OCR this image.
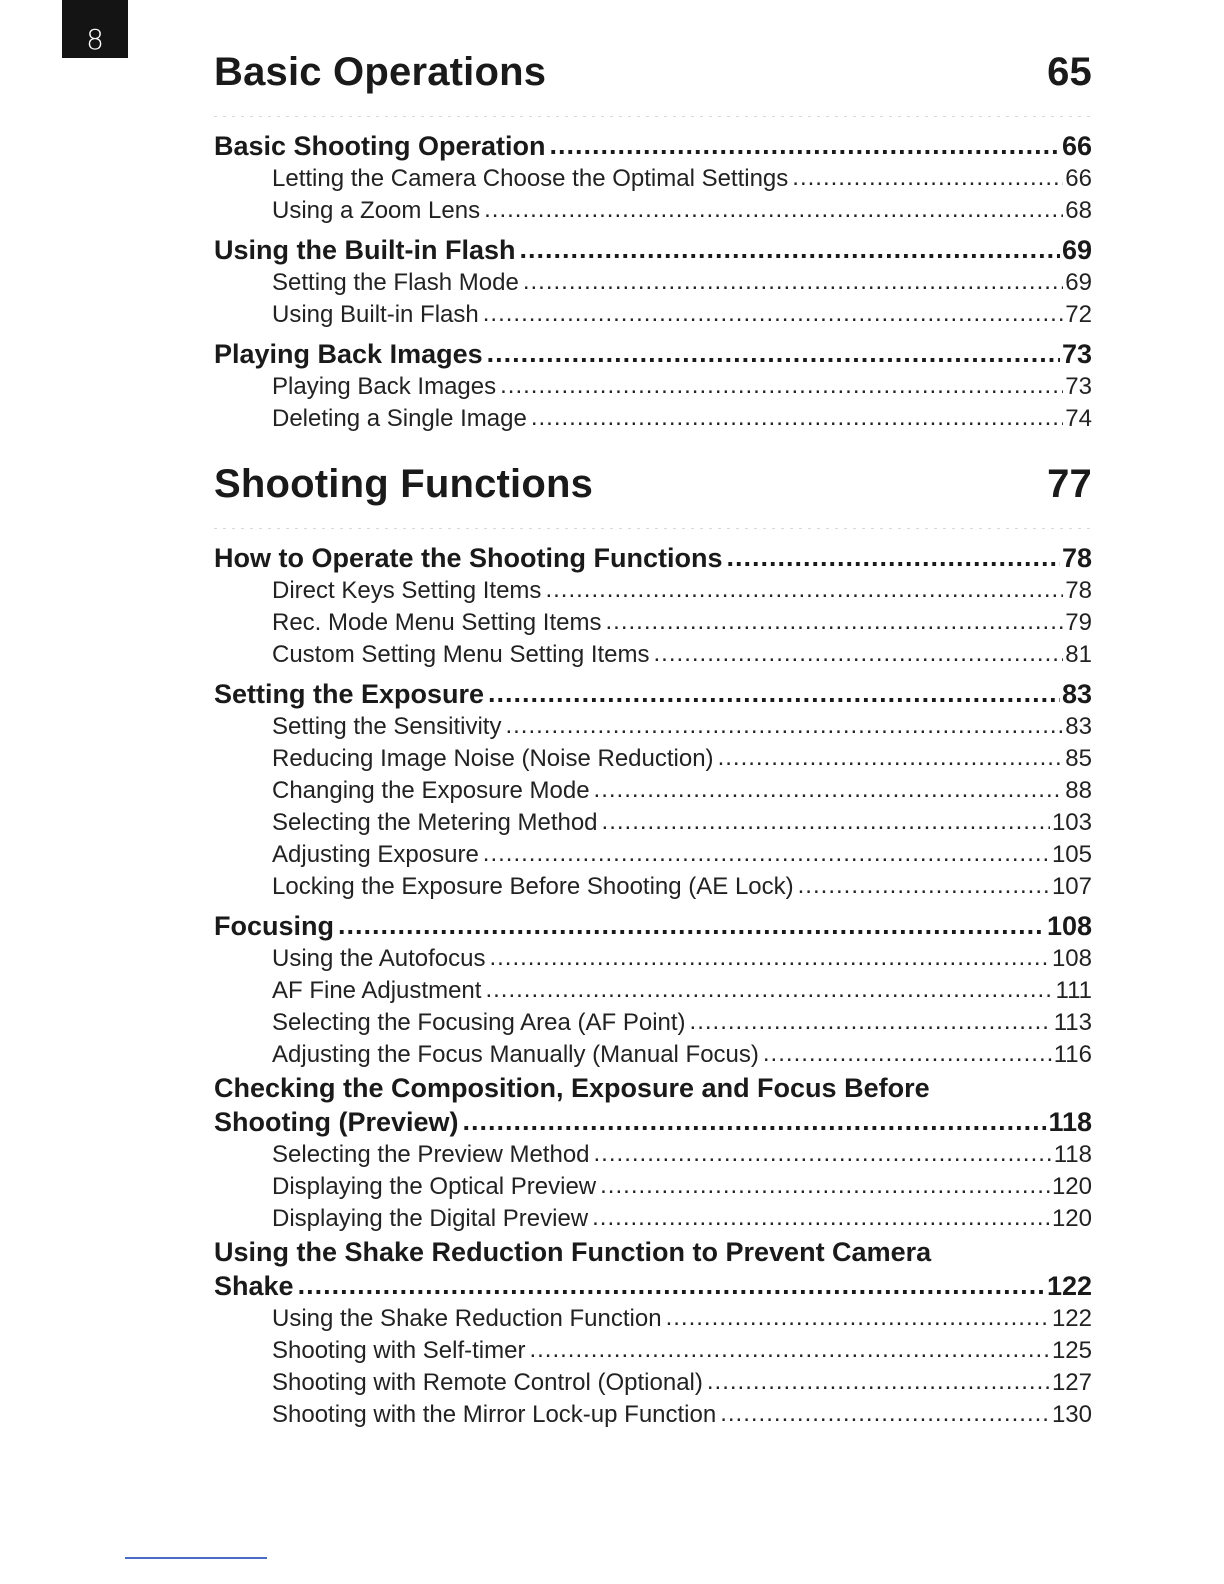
8
Basic Operations	65
Basic Shooting Operation .....	66
Letting the Camera Choose the Optimal Settings .....	66
Using a Zoom Lens .....	68
Using the Built-in Flash .....	69
Setting the Flash Mode .....	69
Using Built-in Flash .....	72
Playing Back Images .....	73
Playing Back Images .....	73
Deleting a Single Image .....	74
Shooting Functions	77
How to Operate the Shooting Functions .....	78
Direct Keys Setting Items .....	78
Rec. Mode Menu Setting Items .....	79
Custom Setting Menu Setting Items .....	81
Setting the Exposure .....	83
Setting the Sensitivity .....	83
Reducing Image Noise (Noise Reduction) .....	85
Changing the Exposure Mode .....	88
Selecting the Metering Method .....	103
Adjusting Exposure .....	105
Locking the Exposure Before Shooting (AE Lock) .....	107
Focusing .....	108
Using the Autofocus .....	108
AF Fine Adjustment .....	111
Selecting the Focusing Area (AF Point) .....	113
Adjusting the Focus Manually (Manual Focus) .....	116
Checking the Composition, Exposure and Focus Before
Shooting (Preview) .....	118
Selecting the Preview Method .....	118
Displaying the Optical Preview .....	120
Displaying the Digital Preview .....	120
Using the Shake Reduction Function to Prevent Camera
Shake .....	122
Using the Shake Reduction Function .....	122
Shooting with Self-timer .....	125
Shooting with Remote Control (Optional) .....	127
Shooting with the Mirror Lock-up Function .....	130
